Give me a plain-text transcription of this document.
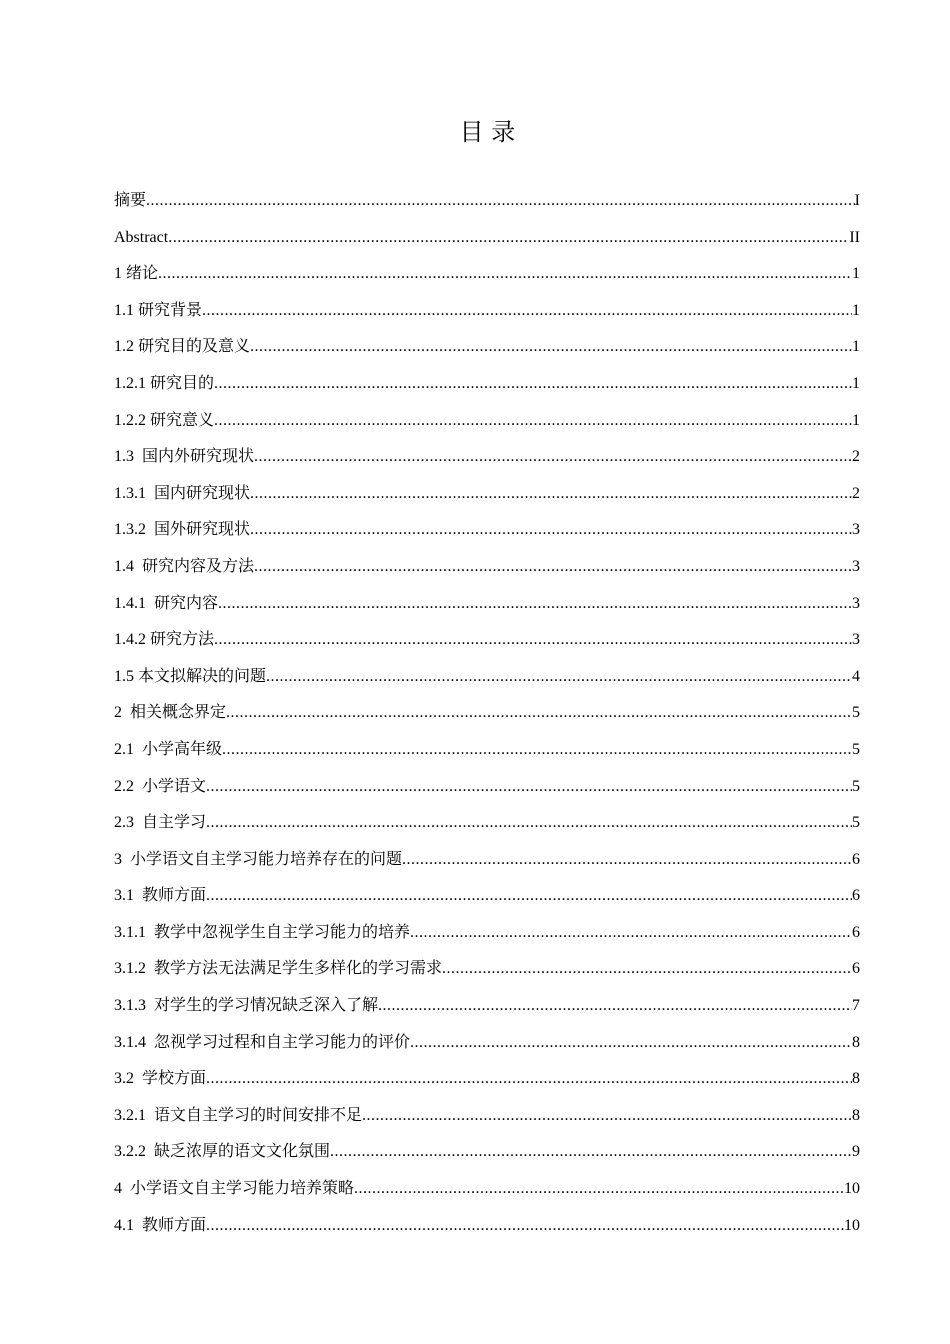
目 录
摘要 .....	I
Abstract .....	II
1 绪论 .....	1
1.1 研究背景 .....	1
1.2 研究目的及意义 .....	1
1.2.1 研究目的 .....	1
1.2.2 研究意义 .....	1
1.3  国内外研究现状 .....	2
1.3.1  国内研究现状 .....	2
1.3.2  国外研究现状 .....	3
1.4  研究内容及方法 .....	3
1.4.1  研究内容 .....	3
1.4.2 研究方法 .....	3
1.5 本文拟解决的问题 .....	4
2  相关概念界定 .....	5
2.1  小学高年级 .....	5
2.2  小学语文 .....	5
2.3  自主学习 .....	5
3  小学语文自主学习能力培养存在的问题 .....	6
3.1  教师方面 .....	6
3.1.1  教学中忽视学生自主学习能力的培养 .....	6
3.1.2  教学方法无法满足学生多样化的学习需求 .....	6
3.1.3  对学生的学习情况缺乏深入了解 .....	7
3.1.4  忽视学习过程和自主学习能力的评价 .....	8
3.2  学校方面 .....	8
3.2.1  语文自主学习的时间安排不足 .....	8
3.2.2  缺乏浓厚的语文文化氛围 .....	9
4  小学语文自主学习能力培养策略 .....	10
4.1  教师方面 .....	10
